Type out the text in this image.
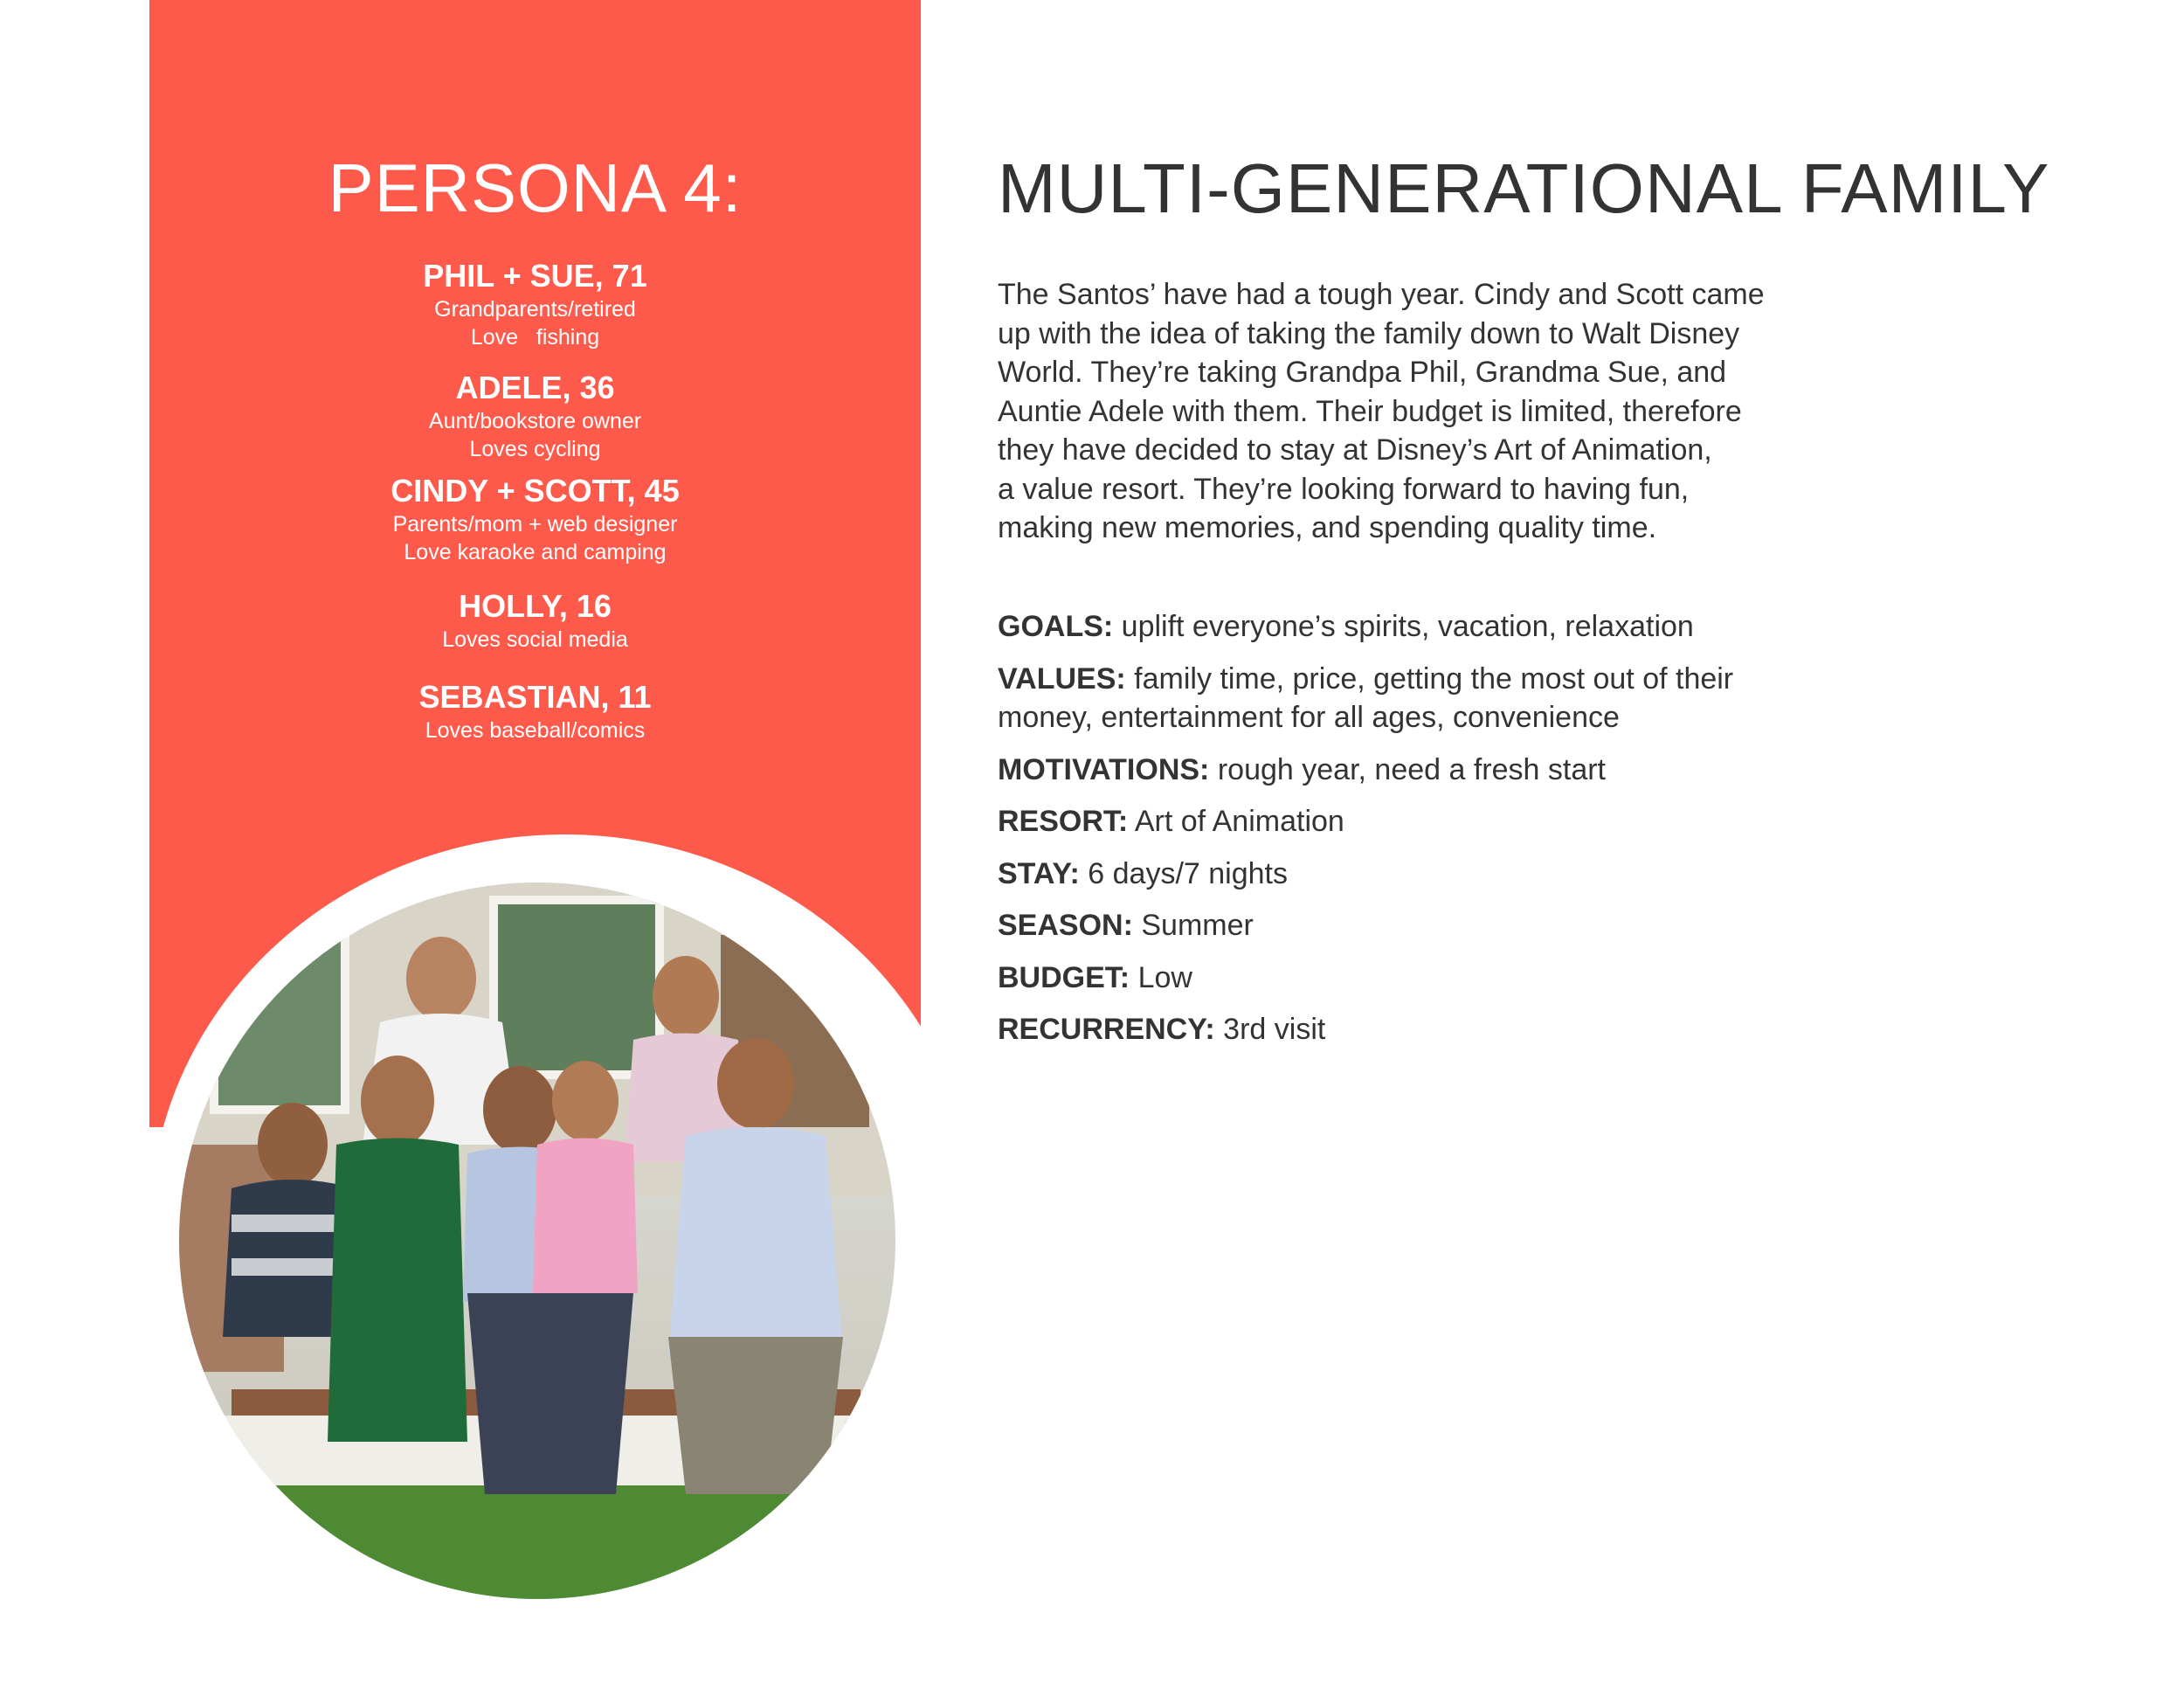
PERSONA 4:
PHIL + SUE, 71
Grandparents/retired
Love   fishing
ADELE, 36
Aunt/bookstore owner
Loves cycling
CINDY + SCOTT, 45
Parents/mom + web designer
Love karaoke and camping
HOLLY, 16
Loves social media
SEBASTIAN, 11
Loves baseball/comics
MULTI-GENERATIONAL FAMILY
The Santos’ have had a tough year. Cindy and Scott came
up with the idea of taking the family down to Walt Disney
World. They’re taking Grandpa Phil, Grandma Sue, and
Auntie Adele with them. Their budget is limited, therefore
they have decided to stay at Disney’s Art of Animation,
a value resort. They’re looking forward to having fun,
making new memories, and spending quality time.
GOALS: uplift everyone’s spirits, vacation, relaxation
VALUES: family time, price, getting the most out of their
money, entertainment for all ages, convenience
MOTIVATIONS: rough year, need a fresh start
RESORT: Art of Animation
STAY: 6 days/7 nights
SEASON: Summer
BUDGET: Low
RECURRENCY: 3rd visit
